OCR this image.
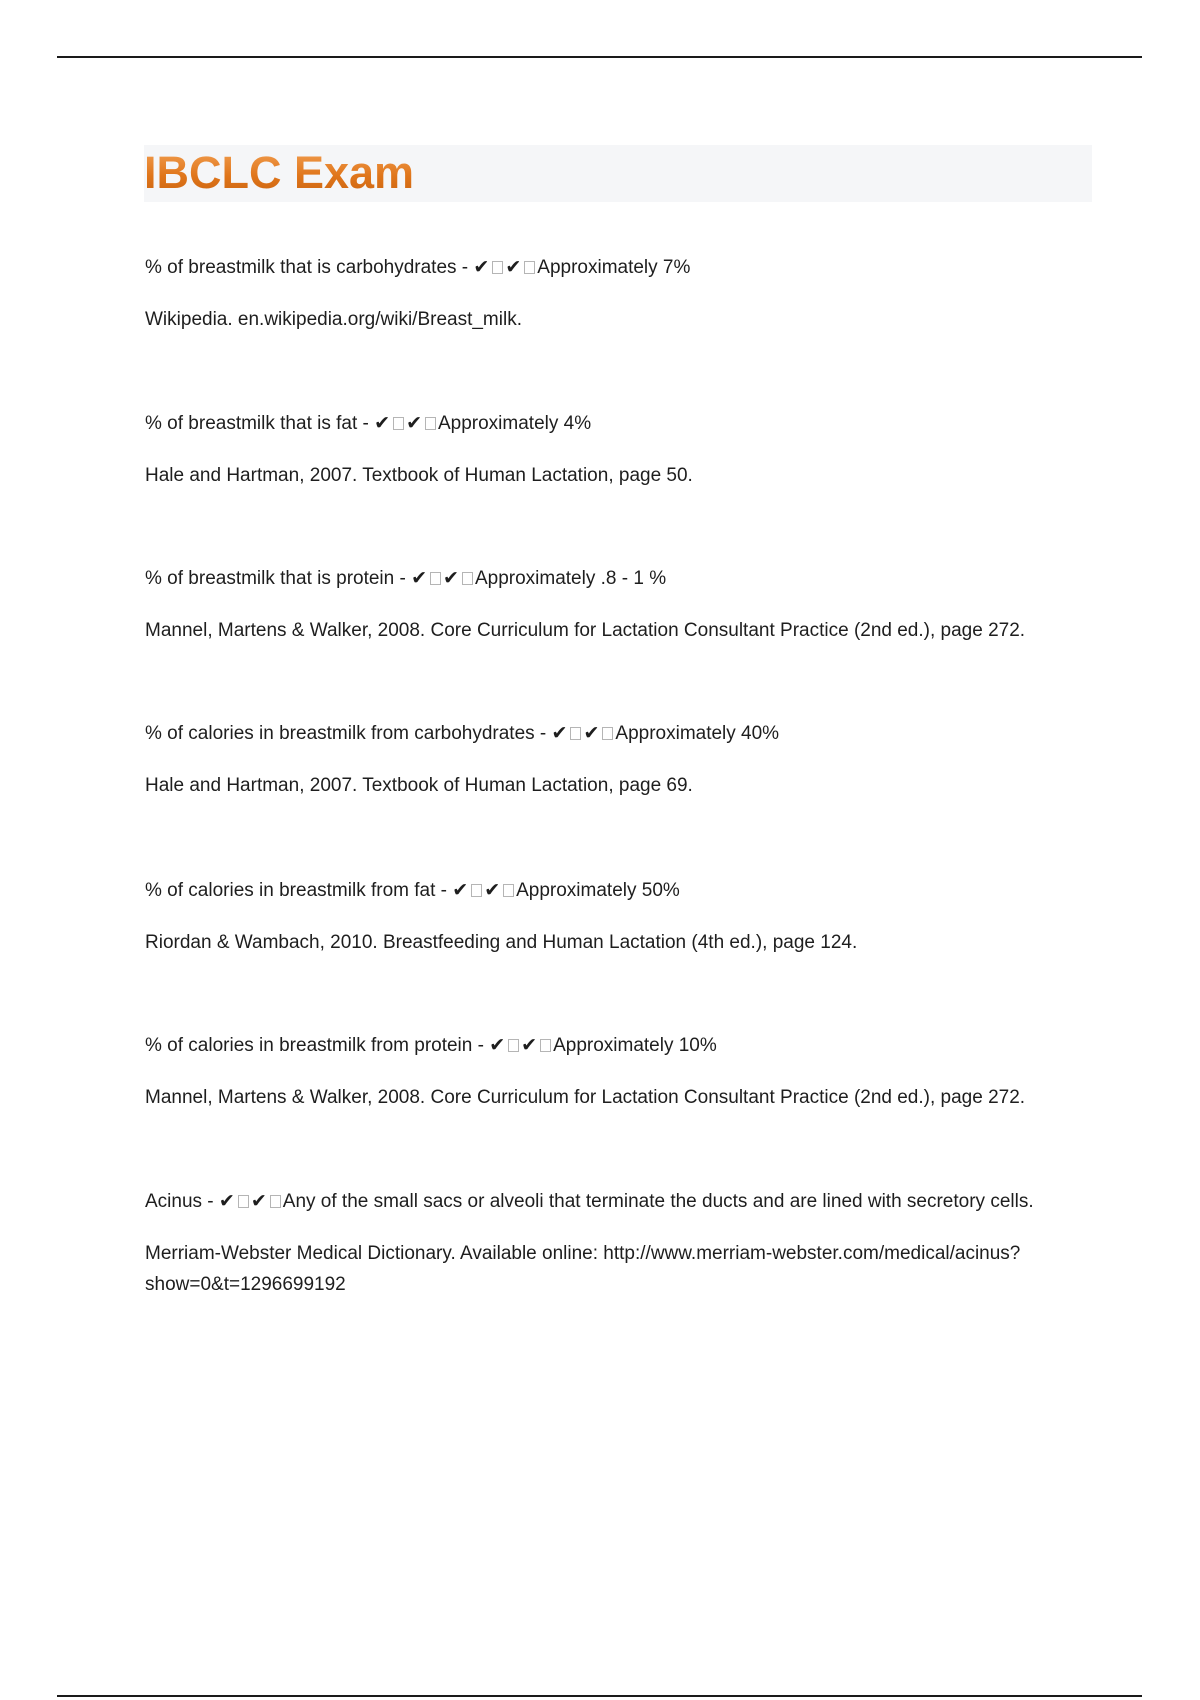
IBCLC Exam

% of breastmilk that is carbohydrates - ✔ ✔ Approximately 7%

Wikipedia. en.wikipedia.org/wiki/Breast_milk.

% of breastmilk that is fat - ✔ ✔ Approximately 4%

Hale and Hartman, 2007. Textbook of Human Lactation, page 50.

% of breastmilk that is protein - ✔ ✔ Approximately .8 - 1 %

Mannel, Martens & Walker, 2008. Core Curriculum for Lactation Consultant Practice (2nd ed.), page 272.

% of calories in breastmilk from carbohydrates - ✔ ✔ Approximately 40%

Hale and Hartman, 2007. Textbook of Human Lactation, page 69.

% of calories in breastmilk from fat - ✔ ✔ Approximately 50%

Riordan & Wambach, 2010. Breastfeeding and Human Lactation (4th ed.), page 124.

% of calories in breastmilk from protein - ✔ ✔ Approximately 10%

Mannel, Martens & Walker, 2008. Core Curriculum for Lactation Consultant Practice (2nd ed.), page 272.

Acinus - ✔ ✔ Any of the small sacs or alveoli that terminate the ducts and are lined with secretory cells.

Merriam-Webster Medical Dictionary. Available online: http://www.merriam-webster.com/medical/acinus?show=0&t=1296699192
